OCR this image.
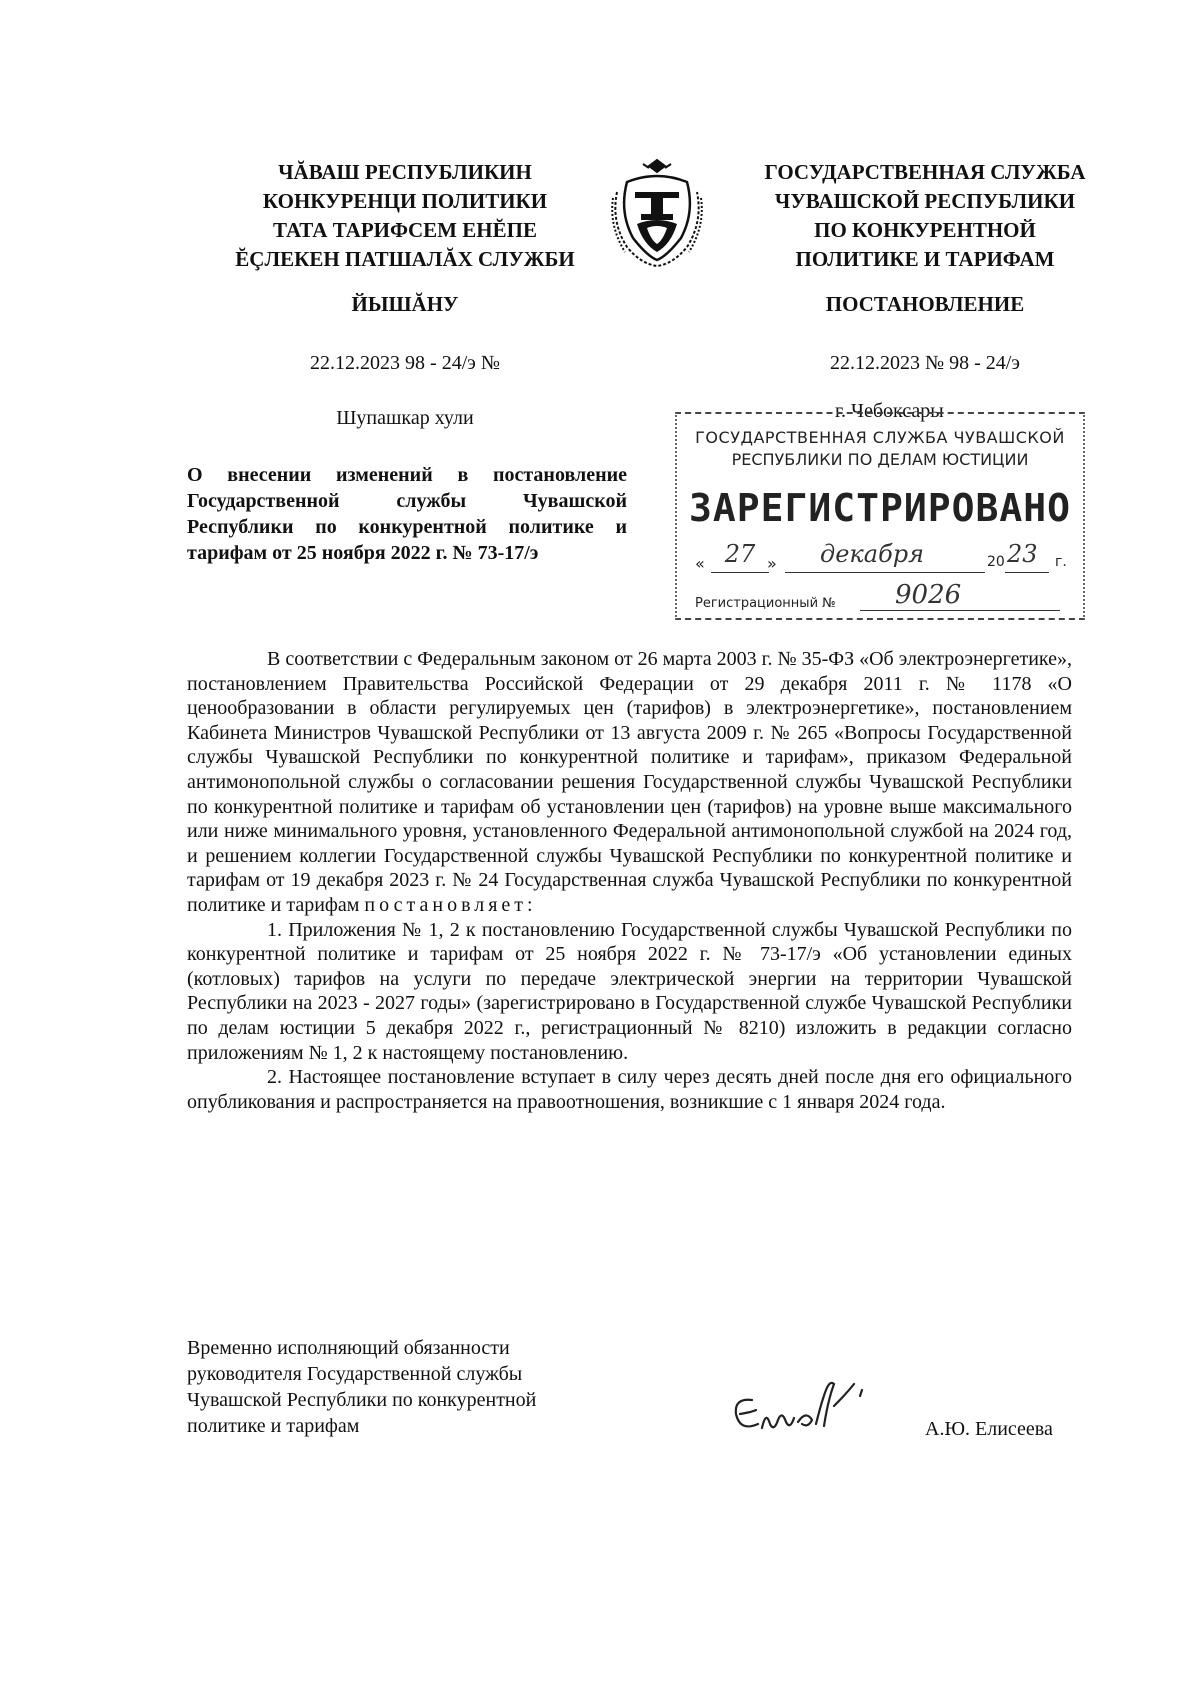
ЧĂВАШ РЕСПУБЛИКИН
КОНКУРЕНЦИ ПОЛИТИКИ
ТАТА ТАРИФСЕМ ЕНĔПЕ
ĔÇЛЕКЕН ПАТШАЛĂХ СЛУЖБИ
ГОСУДАРСТВЕННАЯ СЛУЖБА
ЧУВАШСКОЙ РЕСПУБЛИКИ
ПО КОНКУРЕНТНОЙ
ПОЛИТИКЕ И ТАРИФАМ
ЙЫШĂНУ	ПОСТАНОВЛЕНИЕ
22.12.2023 98 - 24/э №	22.12.2023 № 98 - 24/э
Шупашкар хули	г. Чебоксары
О внесении изменений в постановление
Государственной службы Чувашской
Республики по конкурентной политике и
тарифам от 25 ноября 2022 г. № 73-17/э
ГОСУДАРСТВЕННАЯ СЛУЖБА ЧУВАШСКОЙ
РЕСПУБЛИКИ ПО ДЕЛАМ ЮСТИЦИИ
ЗАРЕГИСТРИРОВАНО
« 27 »	декабря	20 23 г.
Регистрационный № 9026

В соответствии с Федеральным законом от 26 марта 2003 г. № 35-ФЗ «Об электроэнергетике», постановлением Правительства Российской Федерации от 29 декабря 2011 г. № 1178 «О ценообразовании в области регулируемых цен (тарифов) в электроэнергетике», постановлением Кабинета Министров Чувашской Республики от 13 августа 2009 г. № 265 «Вопросы Государственной службы Чувашской Республики по конкурентной политике и тарифам», приказом Федеральной антимонопольной службы о согласовании решения Государственной службы Чувашской Республики по конкурентной политике и тарифам об установлении цен (тарифов) на уровне выше максимального или ниже минимального уровня, установленного Федеральной антимонопольной службой на 2024 год, и решением коллегии Государственной службы Чувашской Республики по конкурентной политике и тарифам от 19 декабря 2023 г. № 24 Государственная служба Чувашской Республики по конкурентной политике и тарифам постановляет:

1. Приложения № 1, 2 к постановлению Государственной службы Чувашской Республики по конкурентной политике и тарифам от 25 ноября 2022 г. № 73-17/э «Об установлении единых (котловых) тарифов на услуги по передаче электрической энергии на территории Чувашской Республики на 2023 - 2027 годы» (зарегистрировано в Государственной службе Чувашской Республики по делам юстиции 5 декабря 2022 г., регистрационный № 8210) изложить в редакции согласно приложениям № 1, 2 к настоящему постановлению.

2. Настоящее постановление вступает в силу через десять дней после дня его официального опубликования и распространяется на правоотношения, возникшие с 1 января 2024 года.

Временно исполняющий обязанности
руководителя Государственной службы
Чувашской Республики по конкурентной
политике и тарифам	А.Ю. Елисеева
